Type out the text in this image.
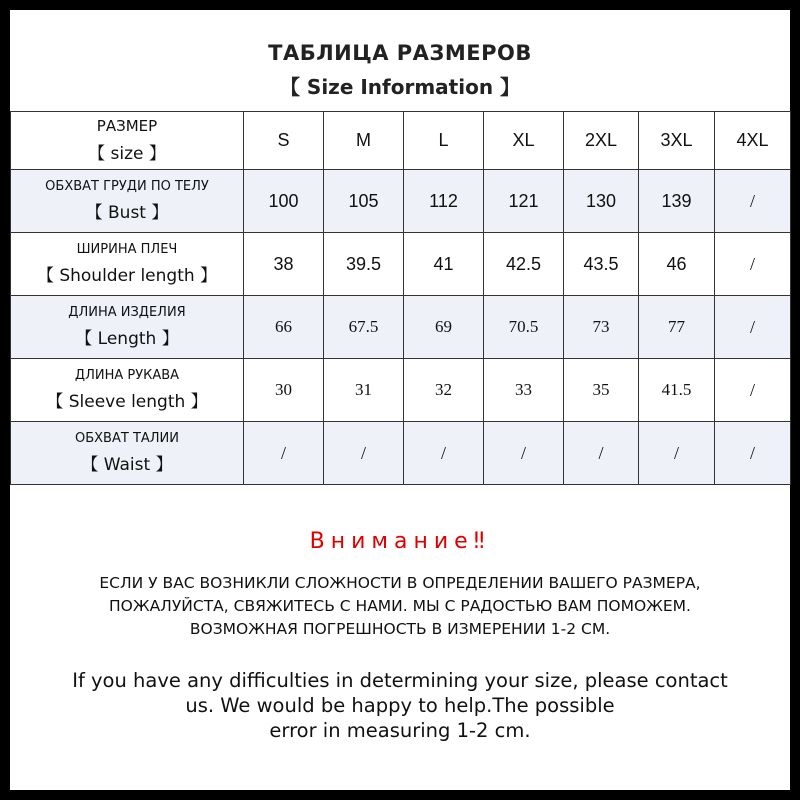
ТАБЛИЦА РАЗМЕРОВ
【 Size Information 】
РАЗМЕР
【 size 】	S	M	L	XL	2XL	3XL	4XL

ОБХВАТ ГРУДИ ПО ТЕЛУ
【 Bust 】	100	105	112	121	130	139	/

ШИРИНА ПЛЕЧ
【 Shoulder length 】	38	39.5	41	42.5	43.5	46	/

ДЛИНА ИЗДЕЛИЯ
【 Length 】	66	67.5	69	70.5	73	77	/

ДЛИНА РУКАВА
【 Sleeve length 】	30	31	32	33	35	41.5	/

ОБХВАТ ТАЛИИ
【 Waist 】	/	/	/	/	/	/	/
Внимание‼
ЕСЛИ У ВАС ВОЗНИКЛИ СЛОЖНОСТИ В ОПРЕДЕЛЕНИИ ВАШЕГО РАЗМЕРА,
ПОЖАЛУЙСТА, СВЯЖИТЕСЬ С НАМИ. МЫ С РАДОСТЬЮ ВАМ ПОМОЖЕМ.
ВОЗМОЖНАЯ ПОГРЕШНОСТЬ В ИЗМЕРЕНИИ 1-2 СМ.
If you have any difficulties in determining your size, please contact
us. We would be happy to help.The possible
error in measuring 1-2 cm.
